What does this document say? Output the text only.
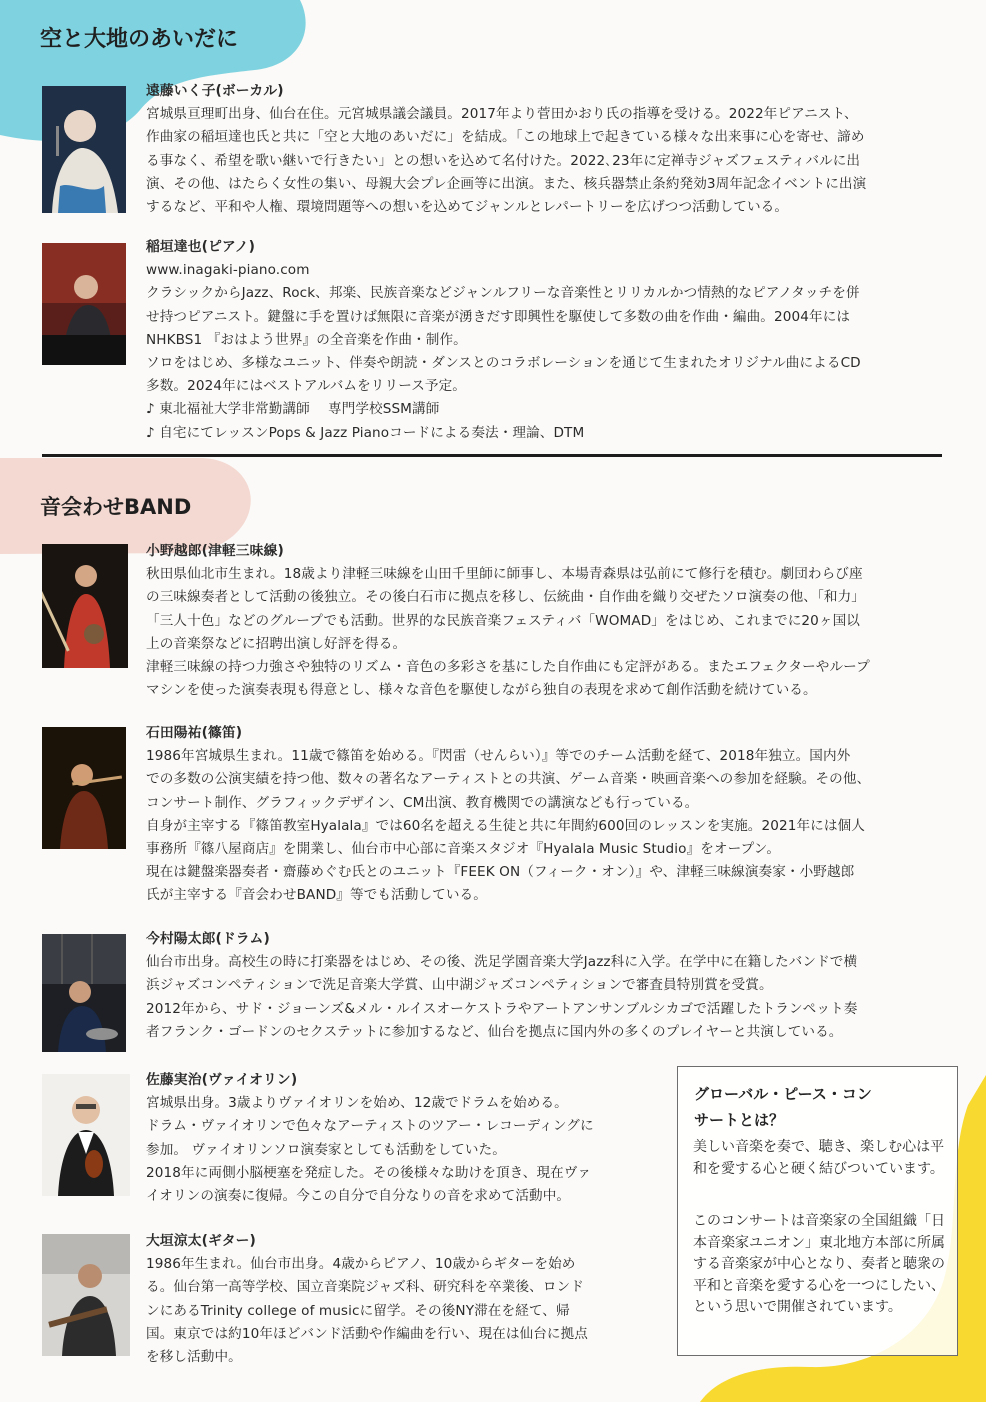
空と大地のあいだに
音会わせBAND

遠藤いく子(ボーカル)

宮城県亘理町出身、仙台在住。元宮城県議会議員。2017年より菅田かおり氏の指導を受ける。2022年ピアニスト、

作曲家の稲垣達也氏と共に「空と大地のあいだに」を結成。「この地球上で起きている様々な出来事に心を寄せ、諦め

る事なく、希望を歌い継いで行きたい」との想いを込めて名付けた。2022､23年に定禅寺ジャズフェスティバルに出

演、その他、はたらく女性の集い、母親大会プレ企画等に出演。また、核兵器禁止条約発効3周年記念イベントに出演

するなど、平和や人権、環境問題等への想いを込めてジャンルとレパートリーを広げつつ活動している。

稲垣達也(ピアノ)

www.inagaki-piano.com

クラシックからJazz、Rock、邦楽、民族音楽などジャンルフリーな音楽性とリリカルかつ情熱的なピアノタッチを併

せ持つピアニスト。鍵盤に手を置けば無限に音楽が湧きだす即興性を駆使して多数の曲を作曲・編曲。2004年には

NHKBS1 『おはよう世界』の全音楽を作曲・制作。

ソロをはじめ、多様なユニット、伴奏や朗読・ダンスとのコラボレーションを通じて生まれたオリジナル曲によるCD

多数。2024年にはベストアルバムをリリース予定。

♪ 東北福祉大学非常勤講師　 専門学校SSM講師

♪ 自宅にてレッスンPops & Jazz Pianoコードによる奏法・理論、DTM

小野越郎(津軽三味線)

秋田県仙北市生まれ。18歳より津軽三味線を山田千里師に師事し、本場青森県は弘前にて修行を積む。劇団わらび座

の三味線奏者として活動の後独立。その後白石市に拠点を移し、伝統曲・自作曲を織り交ぜたソロ演奏の他、「和力」

「三人十色」などのグループでも活動。世界的な民族音楽フェスティバ「WOMAD」をはじめ、これまでに20ヶ国以

上の音楽祭などに招聘出演し好評を得る。

津軽三味線の持つ力強さや独特のリズム・音色の多彩さを基にした自作曲にも定評がある。またエフェクターやループ

マシンを使った演奏表現も得意とし、様々な音色を駆使しながら独自の表現を求めて創作活動を続けている。

石田陽祐(篠笛)

1986年宮城県生まれ。11歳で篠笛を始める。『閃雷（せんらい）』等でのチーム活動を経て、2018年独立。国内外

での多数の公演実績を持つ他、数々の著名なアーティストとの共演、ゲーム音楽・映画音楽への参加を経験。その他、

コンサート制作、グラフィックデザイン、CM出演、教育機関での講演なども行っている。

自身が主宰する『篠笛教室Hyalala』では60名を超える生徒と共に年間約600回のレッスンを実施。2021年には個人

事務所『篠八屋商店』を開業し、仙台市中心部に音楽スタジオ『Hyalala Music Studio』をオープン。

現在は鍵盤楽器奏者・齋藤めぐむ氏とのユニット『FEEK ON（フィーク・オン）』や、津軽三味線演奏家・小野越郎

氏が主宰する『音会わせBAND』等でも活動している。

今村陽太郎(ドラム)

仙台市出身。高校生の時に打楽器をはじめ、その後、洗足学園音楽大学Jazz科に入学。在学中に在籍したバンドで横

浜ジャズコンペティションで洗足音楽大学賞、山中湖ジャズコンペティションで審査員特別賞を受賞。

2012年から、サド・ジョーンズ&メル・ルイスオーケストラやアートアンサンブルシカゴで活躍したトランペット奏

者フランク・ゴードンのセクステットに参加するなど、仙台を拠点に国内外の多くのプレイヤーと共演している。

佐藤実治(ヴァイオリン)

宮城県出身。3歳よりヴァイオリンを始め、12歳でドラムを始める。

ドラム・ヴァイオリンで色々なアーティストのツアー・レコーディングに

参加。 ヴァイオリンソロ演奏家としても活動をしていた。

2018年に両側小脳梗塞を発症した。その後様々な助けを頂き、現在ヴァ

イオリンの演奏に復帰。今この自分で自分なりの音を求めて活動中。

大垣涼太(ギター)

1986年生まれ。仙台市出身。4歳からピアノ、10歳からギターを始め

る。仙台第一高等学校、国立音楽院ジャズ科、研究科を卒業後、ロンド

ンにあるTrinity college of musicに留学。その後NY滞在を経て、帰

国。東京では約10年ほどバンド活動や作編曲を行い、現在は仙台に拠点

を移し活動中。

グローバル・ピース・コンサートとは？

美しい音楽を奏で、聴き、楽しむ心は平和を愛する心と硬く結びついています。

このコンサートは音楽家の全国組織「日本音楽家ユニオン」東北地方本部に所属する音楽家が中心となり、奏者と聴衆の平和と音楽を愛する心を一つにしたい、という思いで開催されています。
